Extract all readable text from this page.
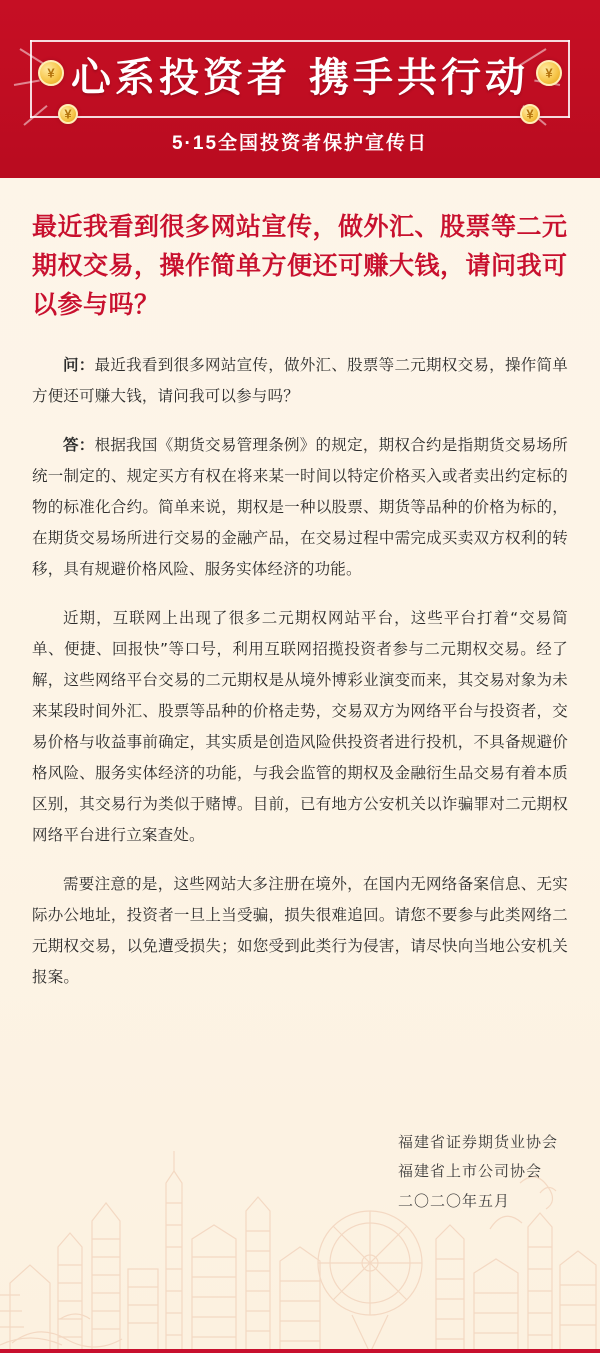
¥
¥
¥
¥
心系投资者 携手共行动
5·15全国投资者保护宣传日
最近我看到很多网站宣传，做外汇、股票等二元期权交易，操作简单方便还可赚大钱，请问我可以参与吗？

问：最近我看到很多网站宣传，做外汇、股票等二元期权交易，操作简单方便还可赚大钱，请问我可以参与吗？

答：根据我国《期货交易管理条例》的规定，期权合约是指期货交易场所统一制定的、规定买方有权在将来某一时间以特定价格买入或者卖出约定标的物的标准化合约。简单来说，期权是一种以股票、期货等品种的价格为标的，在期货交易场所进行交易的金融产品，在交易过程中需完成买卖双方权利的转移，具有规避价格风险、服务实体经济的功能。

近期，互联网上出现了很多二元期权网站平台，这些平台打着“交易简单、便捷、回报快”等口号，利用互联网招揽投资者参与二元期权交易。经了解，这些网络平台交易的二元期权是从境外博彩业演变而来，其交易对象为未来某段时间外汇、股票等品种的价格走势，交易双方为网络平台与投资者，交易价格与收益事前确定，其实质是创造风险供投资者进行投机，不具备规避价格风险、服务实体经济的功能，与我会监管的期权及金融衍生品交易有着本质区别，其交易行为类似于赌博。目前，已有地方公安机关以诈骗罪对二元期权网络平台进行立案查处。

需要注意的是，这些网站大多注册在境外，在国内无网络备案信息、无实际办公地址，投资者一旦上当受骗，损失很难追回。请您不要参与此类网络二元期权交易，以免遭受损失；如您受到此类行为侵害，请尽快向当地公安机关报案。

福建省证券期货业协会
福建省上市公司协会
二〇二〇年五月
